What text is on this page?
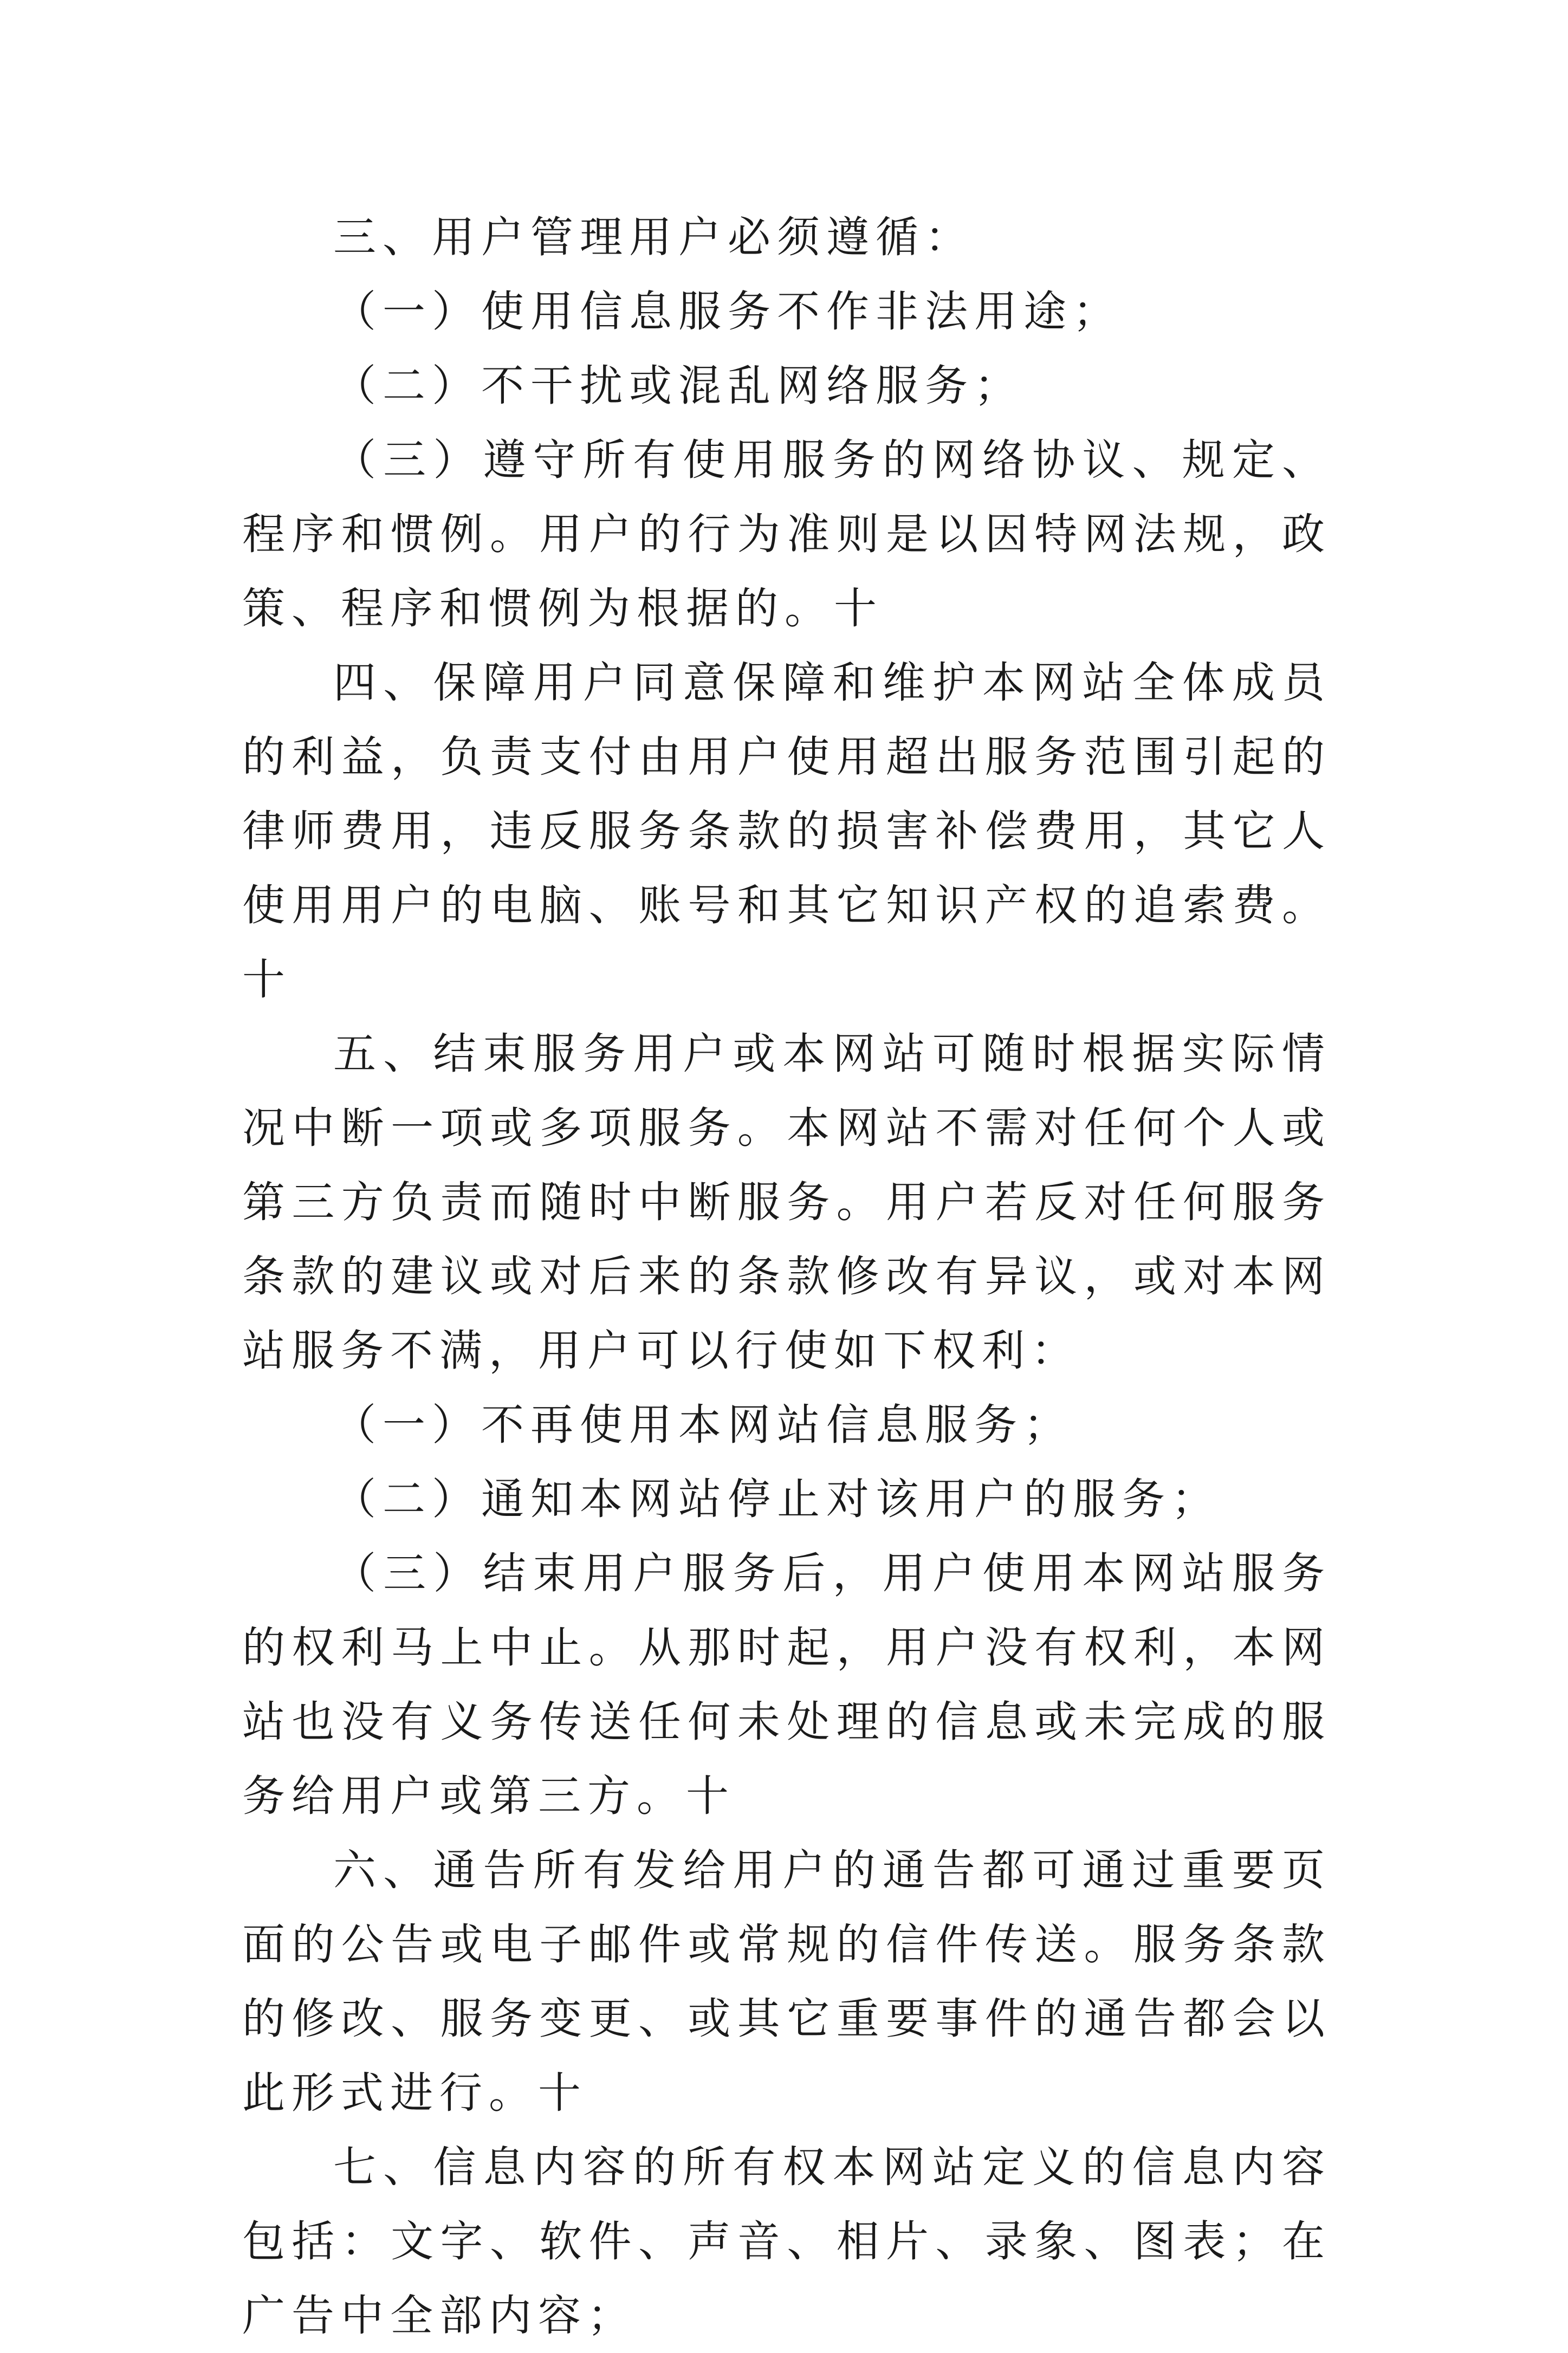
三、用户管理用户必须遵循：

（一）使用信息服务不作非法用途；

（二）不干扰或混乱网络服务；

（三）遵守所有使用服务的网络协议、规定、程序和惯例。用户的行为准则是以因特网法规，政策、程序和惯例为根据的。十

四、保障用户同意保障和维护本网站全体成员的利益，负责支付由用户使用超出服务范围引起的律师费用，违反服务条款的损害补偿费用，其它人使用用户的电脑、账号和其它知识产权的追索费。十

五、结束服务用户或本网站可随时根据实际情况中断一项或多项服务。本网站不需对任何个人或第三方负责而随时中断服务。用户若反对任何服务条款的建议或对后来的条款修改有异议，或对本网站服务不满，用户可以行使如下权利：

（一）不再使用本网站信息服务；

（二）通知本网站停止对该用户的服务；

（三）结束用户服务后，用户使用本网站服务的权利马上中止。从那时起，用户没有权利，本网站也没有义务传送任何未处理的信息或未完成的服务给用户或第三方。十

六、通告所有发给用户的通告都可通过重要页面的公告或电子邮件或常规的信件传送。服务条款的修改、服务变更、或其它重要事件的通告都会以此形式进行。十

七、信息内容的所有权本网站定义的信息内容包括：文字、软件、声音、相片、录象、图表；在广告中全部内容；
